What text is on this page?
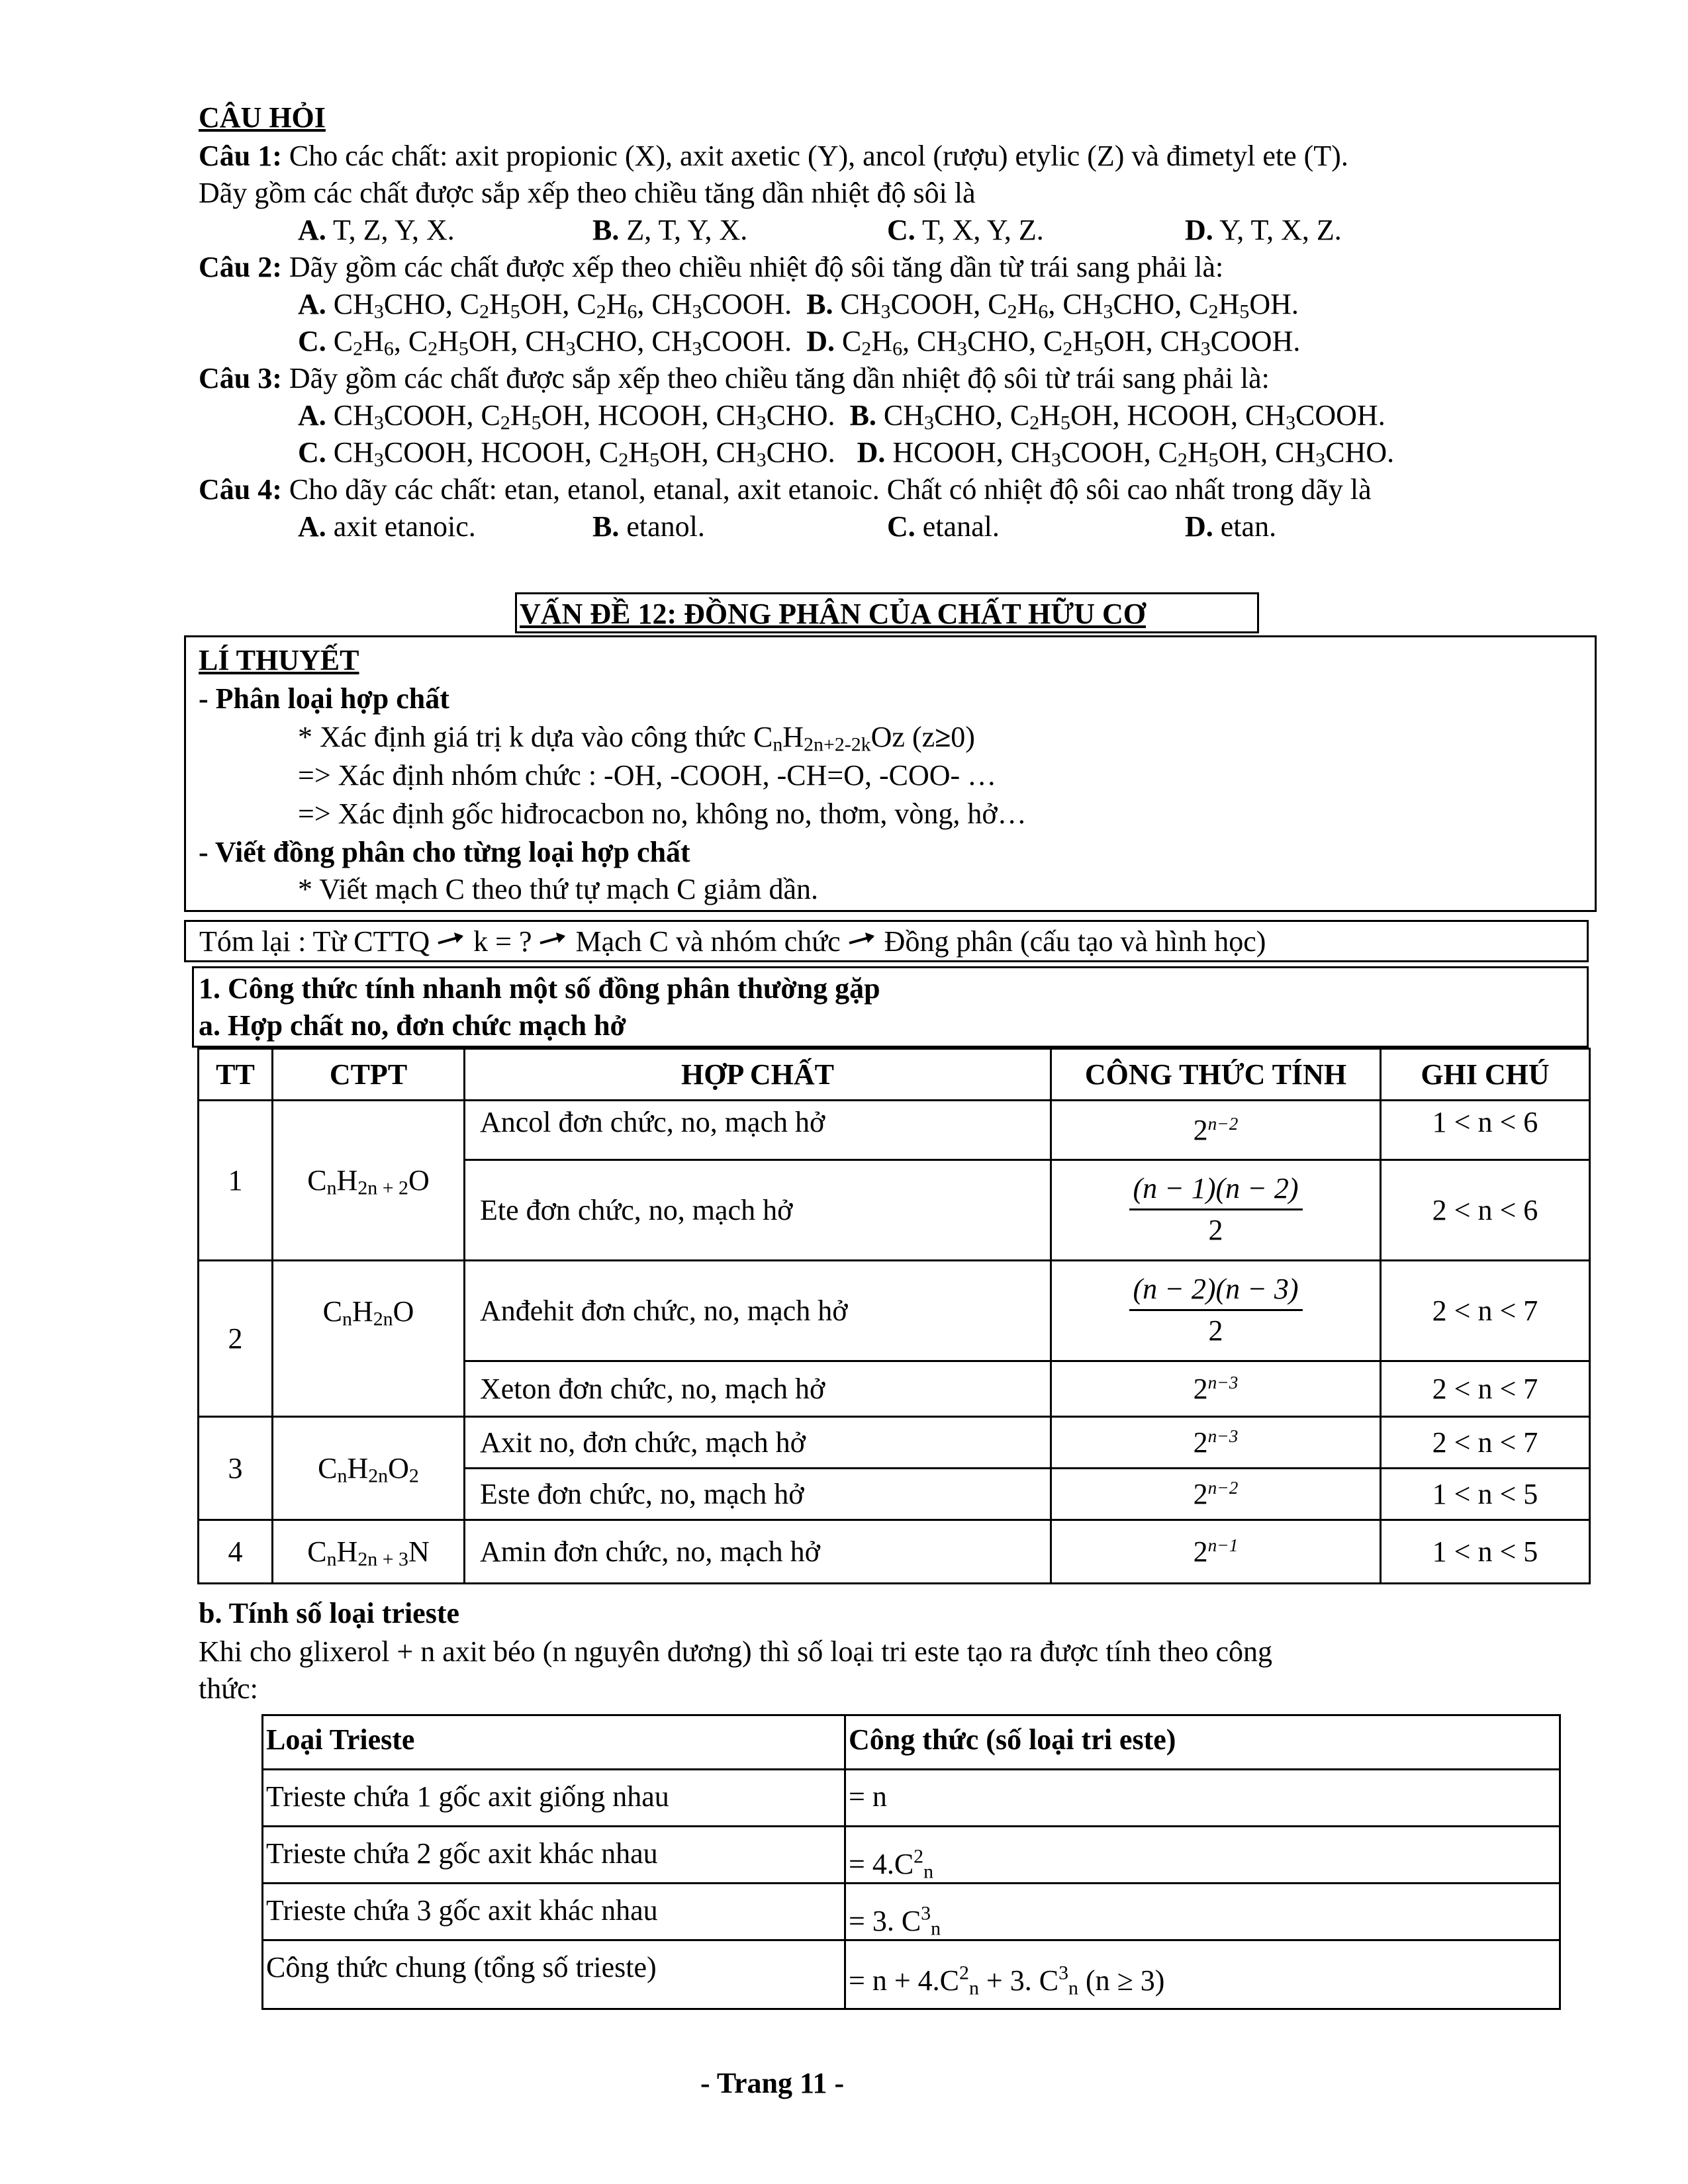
CÂU HỎI
Câu 1: Cho các chất: axit propionic (X), axit axetic (Y), ancol (rượu) etylic (Z) và đimetyl ete (T).
Dãy gồm các chất được sắp xếp theo chiều tăng dần nhiệt độ sôi là
A. T, Z, Y, X.	B. Z, T, Y, X.	C. T, X, Y, Z.	D. Y, T, X, Z.
Câu 2: Dãy gồm các chất được xếp theo chiều nhiệt độ sôi tăng dần từ trái sang phải là:
A. $CH_3CHO$, $C_2H_5OH$, $C_2H_6$, $CH_3COOH$.  B. $CH_3COOH$, $C_2H_6$, $CH_3CHO$, $C_2H_5OH$.
C. $C_2H_6$, $C_2H_5OH$, $CH_3CHO$, $CH_3COOH$.  D. $C_2H_6$, $CH_3CHO$, $C_2H_5OH$, $CH_3COOH$.
Câu 3: Dãy gồm các chất được sắp xếp theo chiều tăng dần nhiệt độ sôi từ trái sang phải là:
A. $CH_3COOH$, $C_2H_5OH$, HCOOH, $CH_3CHO$.  B. $CH_3CHO$, $C_2H_5OH$, HCOOH, $CH_3COOH$.
C. $CH_3COOH$, HCOOH, $C_2H_5OH$, $CH_3CHO$.   D. HCOOH, $CH_3COOH$, $C_2H_5OH$, $CH_3CHO$.
Câu 4: Cho dãy các chất: etan, etanol, etanal, axit etanoic. Chất có nhiệt độ sôi cao nhất trong dãy là
A. axit etanoic.	B. etanol.	C. etanal.	D. etan.
VẤN ĐỀ 12: ĐỒNG PHÂN CỦA CHẤT HỮU CƠ
LÍ THUYẾT
- Phân loại hợp chất
* Xác định giá trị k dựa vào công thức $C_nH_{2n+2-2k}Oz$ (z≥0)
=> Xác định nhóm chức : -OH, -COOH, -CH=O, -COO- …
=> Xác định gốc hiđrocacbon no, không no, thơm, vòng, hở…
- Viết đồng phân cho từng loại hợp chất
* Viết mạch C theo thứ tự mạch C giảm dần.
Tóm lại : Từ CTTQ  k = ?  Mạch C và nhóm chức  Đồng phân (cấu tạo và hình học)
1. Công thức tính nhanh một số đồng phân thường gặp
a. Hợp chất no, đơn chức mạch hở
TT	CTPT	HỢP CHẤT	CÔNG THỨC TÍNH	GHI CHÚ
1	$C_nH_{2n + 2}O$	Ancol đơn chức, no, mạch hở	$2^{n-2}$	1 < n < 6
		Ete đơn chức, no, mạch hở	$\frac{(n - 1)(n - 2)}{2}$	2 < n < 6
2	$C_nH_{2n}O$	Anđehit đơn chức, no, mạch hở	$\frac{(n - 2)(n - 3)}{2}$	2 < n < 7
		Xeton đơn chức, no, mạch hở	$2^{n-3}$	2 < n < 7
3	$C_nH_{2n}O_2$	Axit no, đơn chức, mạch hở	$2^{n-3}$	2 < n < 7
		Este đơn chức, no, mạch hở	$2^{n-2}$	1 < n < 5
4	$C_nH_{2n + 3}N$	Amin đơn chức, no, mạch hở	$2^{n-1}$	1 < n < 5
b. Tính số loại trieste
Khi cho glixerol + n axit béo (n nguyên dương) thì số loại tri este tạo ra được tính theo công
thức:
Loại Trieste	Công thức (số loại tri este)
Trieste chứa 1 gốc axit giống nhau	= n
Trieste chứa 2 gốc axit khác nhau	= $4.C^2_n$
Trieste chứa 3 gốc axit khác nhau	= 3. $C^3_n$
Công thức chung (tổng số trieste)	= $n + 4.C^2_n + 3$. $C^3_n$ (n ≥ 3)
- Trang 11 -
